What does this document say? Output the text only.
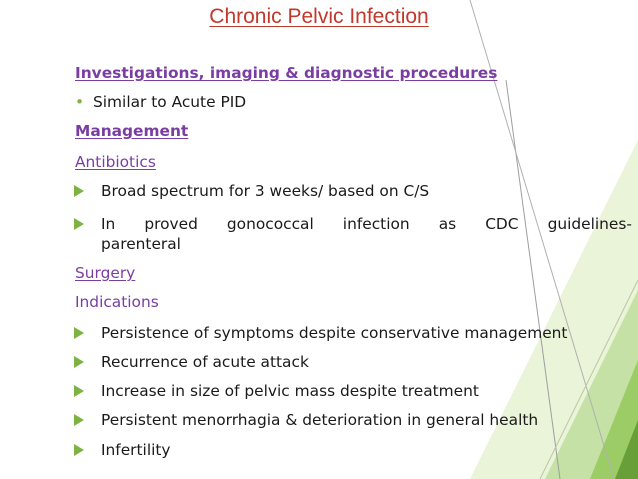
Chronic Pelvic Infection
Investigations, imaging & diagnostic procedures
• Similar to Acute PID
Management
Antibiotics
Broad spectrum for 3 weeks/ based on C/S
In proved gonococcal infection as CDC guidelines-
parenteral
Surgery
Indications
Persistence of symptoms despite conservative management
Recurrence of acute attack
Increase in size of pelvic mass despite treatment
Persistent menorrhagia & deterioration in general health
Infertility
